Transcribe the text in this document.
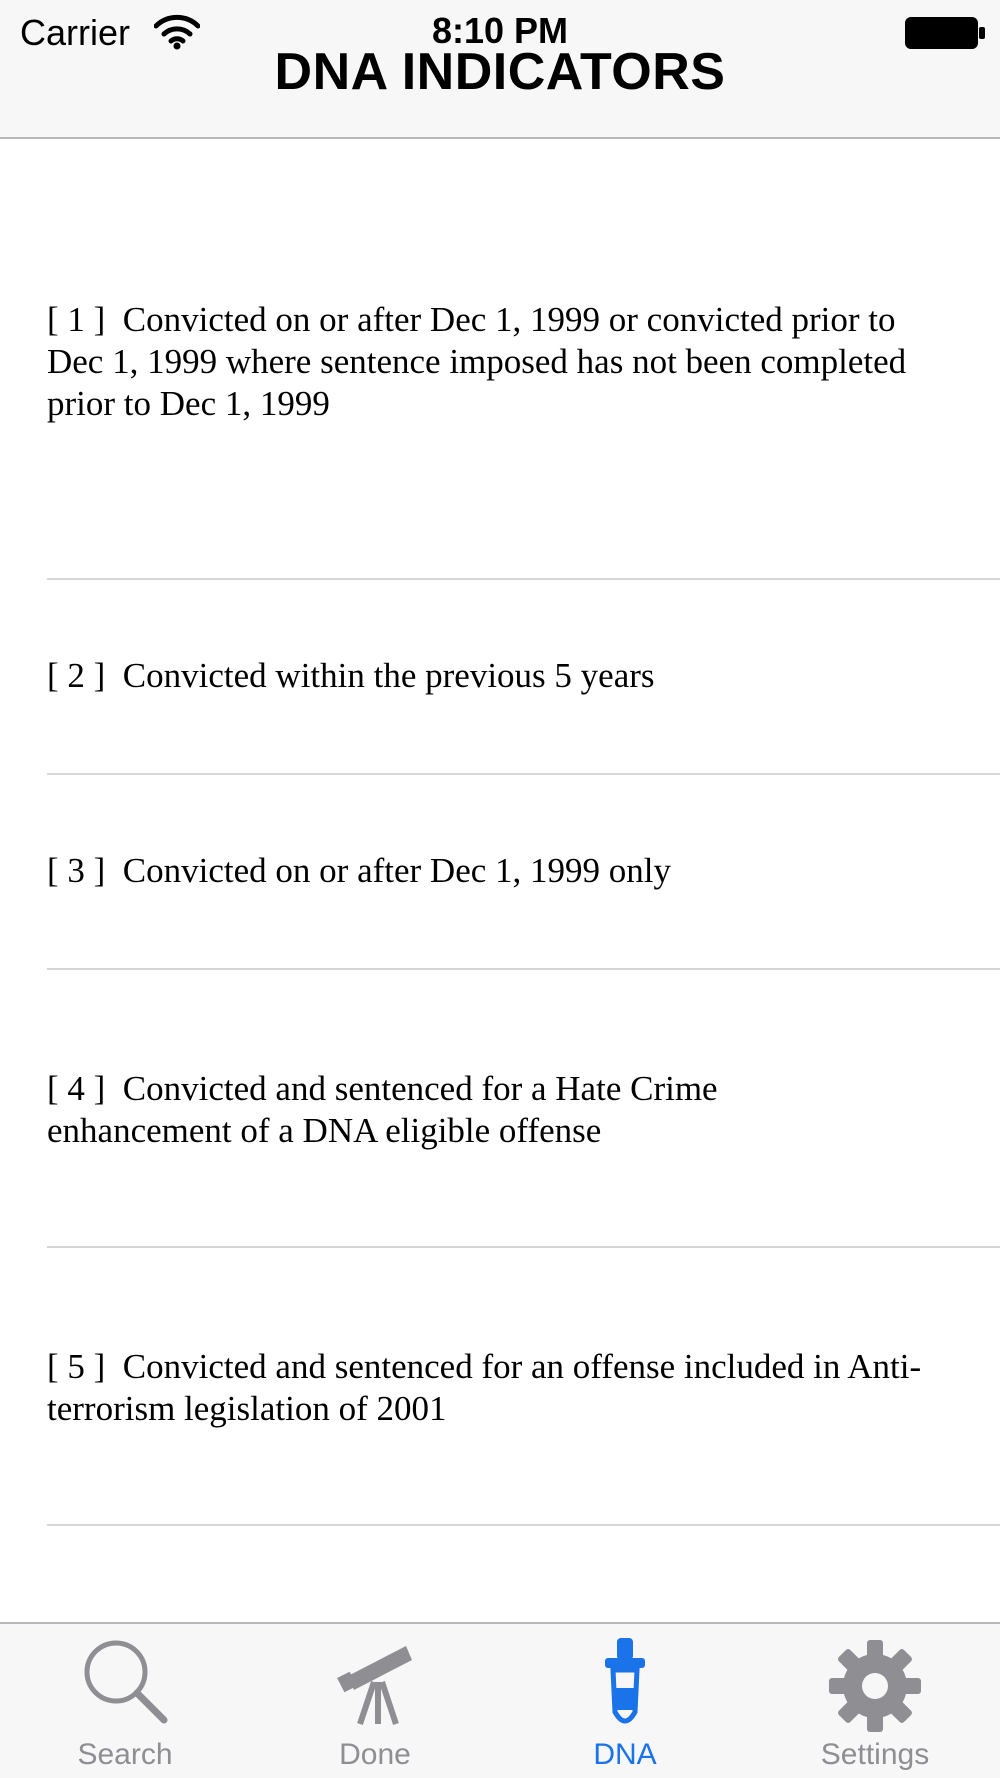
Carrier	8:10 PM
DNA INDICATORS
[ 1 ]  Convicted on or after Dec 1, 1999 or convicted prior to Dec 1, 1999 where sentence imposed has not been completed prior to Dec 1, 1999
[ 2 ]  Convicted within the previous 5 years
[ 3 ]  Convicted on or after Dec 1, 1999 only
[ 4 ]  Convicted and sentenced for a Hate Crime enhancement of a DNA eligible offense
[ 5 ]  Convicted and sentenced for an offense included in Anti-terrorism legislation of 2001
Search	Done	DNA	Settings
